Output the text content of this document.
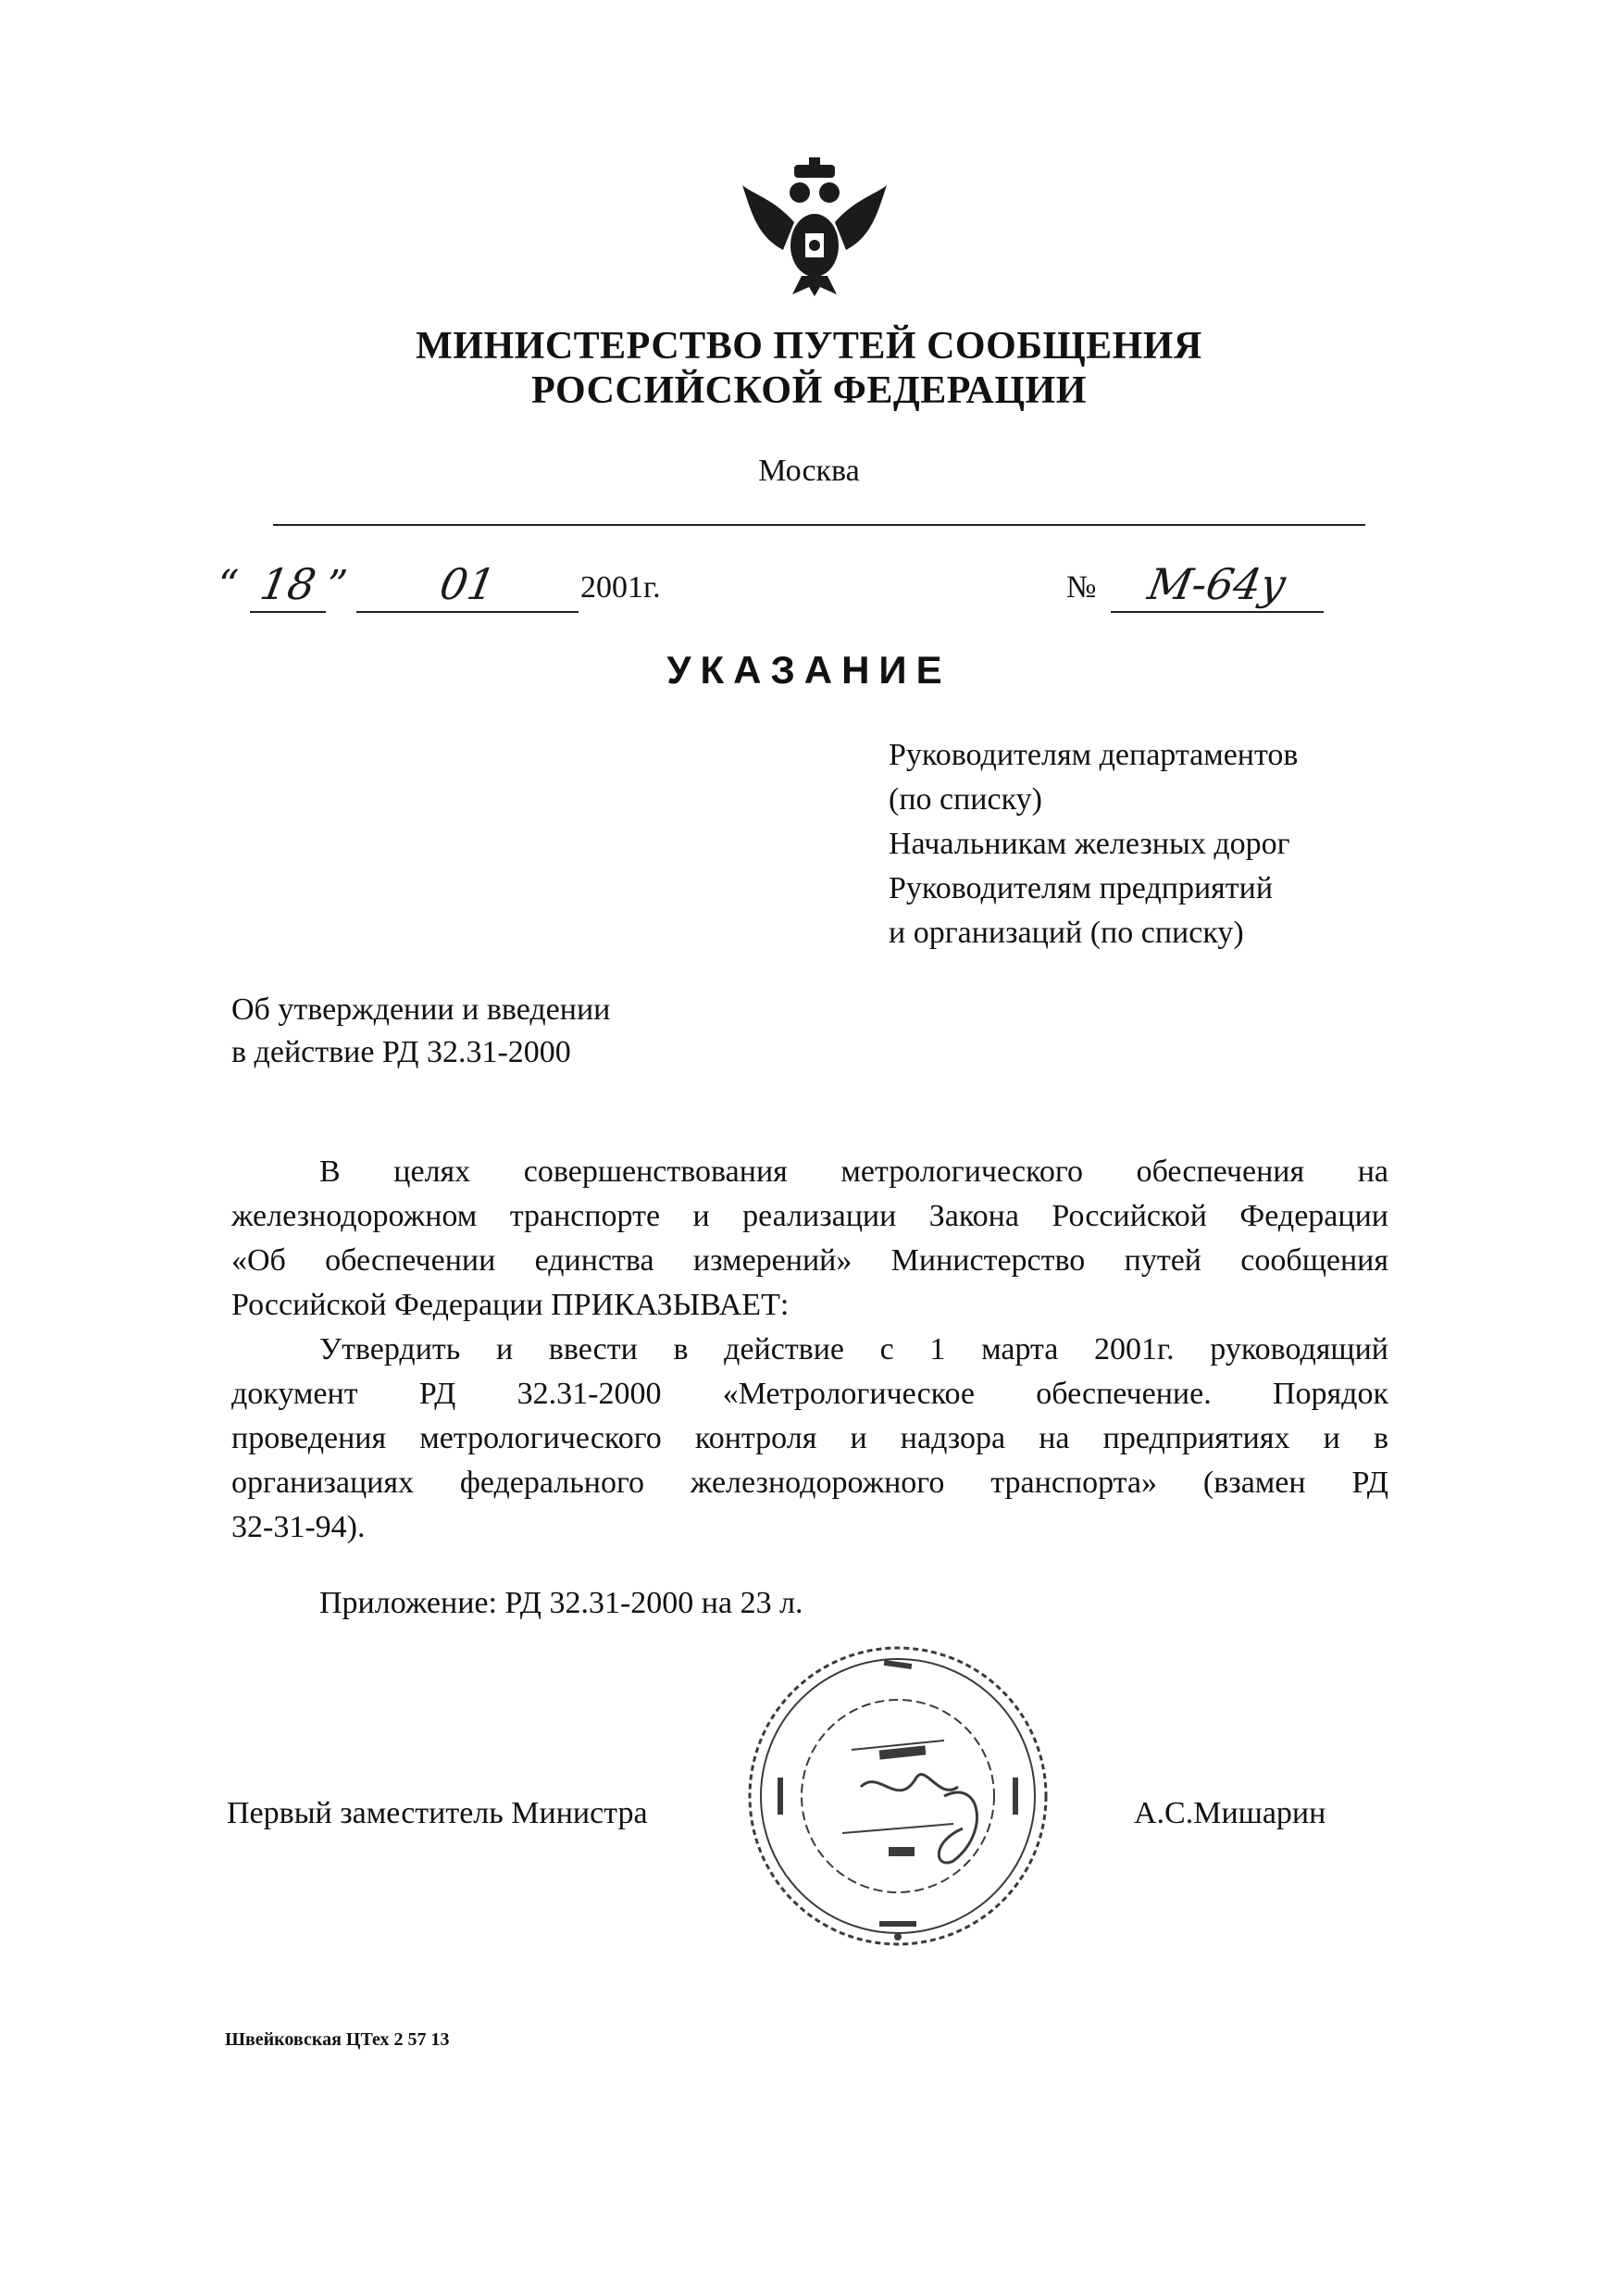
МИНИСТЕРСТВО ПУТЕЙ СООБЩЕНИЯ
РОССИЙСКОЙ ФЕДЕРАЦИИ
Москва
“ 18 ”	01	2001г.	№	М-64у
УКАЗАНИЕ
Руководителям департаментов
(по списку)
Начальникам железных дорог
Руководителям предприятий
и организаций (по списку)
Об утверждении и введении
в действие РД 32.31-2000
В целях совершенствования метрологического обеспечения на
железнодорожном транспорте и реализации Закона Российской Федерации
«Об обеспечении единства измерений» Министерство путей сообщения
Российской Федерации ПРИКАЗЫВАЕТ:
Утвердить и ввести в действие с 1 марта 2001г. руководящий
документ РД 32.31-2000 «Метрологическое обеспечение. Порядок
проведения метрологического контроля и надзора на предприятиях и в
организациях федерального железнодорожного транспорта» (взамен РД
32-31-94).
Приложение: РД 32.31-2000 на 23 л.
Первый заместитель Министра	А.С.Мишарин
Швейковская ЦТех 2 57 13
